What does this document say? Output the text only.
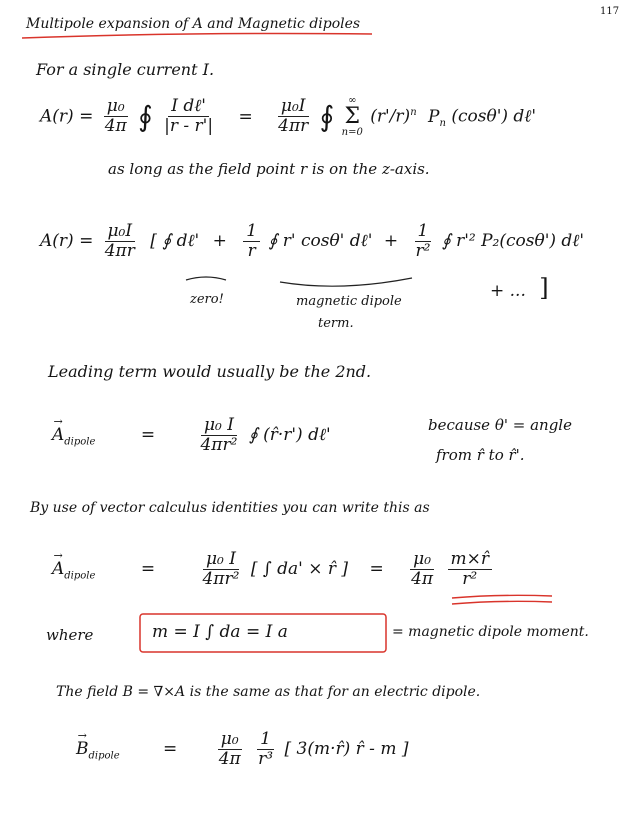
117
Multipole expansion of A and Magnetic dipoles
For a single current I.
$A(r) = \frac{\text{μ₀}}{4\pi}$ ∮ $\frac{\text{I dℓ'}}{|r - r'|} = \frac{\text{μ₀I}}{4\pi r}$ ∮ ∞
Σ
n=0
$(r'/r)^n$ $P_n$ (cosθ') dℓ'
as long as the field point r is on the z-axis.
$A(r) = \frac{\text{μ₀I}}{4\pi r}$ [ ∮ dℓ' + $\frac{1}{r}$ ∮ r' cosθ' dℓ' + $\frac{1}{\text{r²}}$ ∮ r'² P₂(cosθ') dℓ'
+ ... ]
zero!	magnetic dipole
term.
Leading term would usually be the 2nd.
→
$A_{dipole}$	= $\frac{\text{μ₀ I}}{\text{4πr²}}$ ∮ (r̂·r') dℓ'
because θ' = angle
from r̂ to r̂'.
By use of vector calculus identities you can write this as
→
$A_{dipole}$	=	$\frac{\text{μ₀ I}}{\text{4πr²}}$ [ ∫ da' × r̂ ] = $\frac{\text{μ₀}}{4\pi}$
$\frac{m\times r̂}{\text{r²}}$
where	m = I ∫ da = I a	= magnetic dipole moment.
The field B = ∇×A is the same as that for an electric dipole.
→
$B_{dipole}$	= $\frac{\text{μ₀}}{4\pi}$
$\frac{1}{\text{r³}}$ [ 3(m·r̂) r̂ - m ]
